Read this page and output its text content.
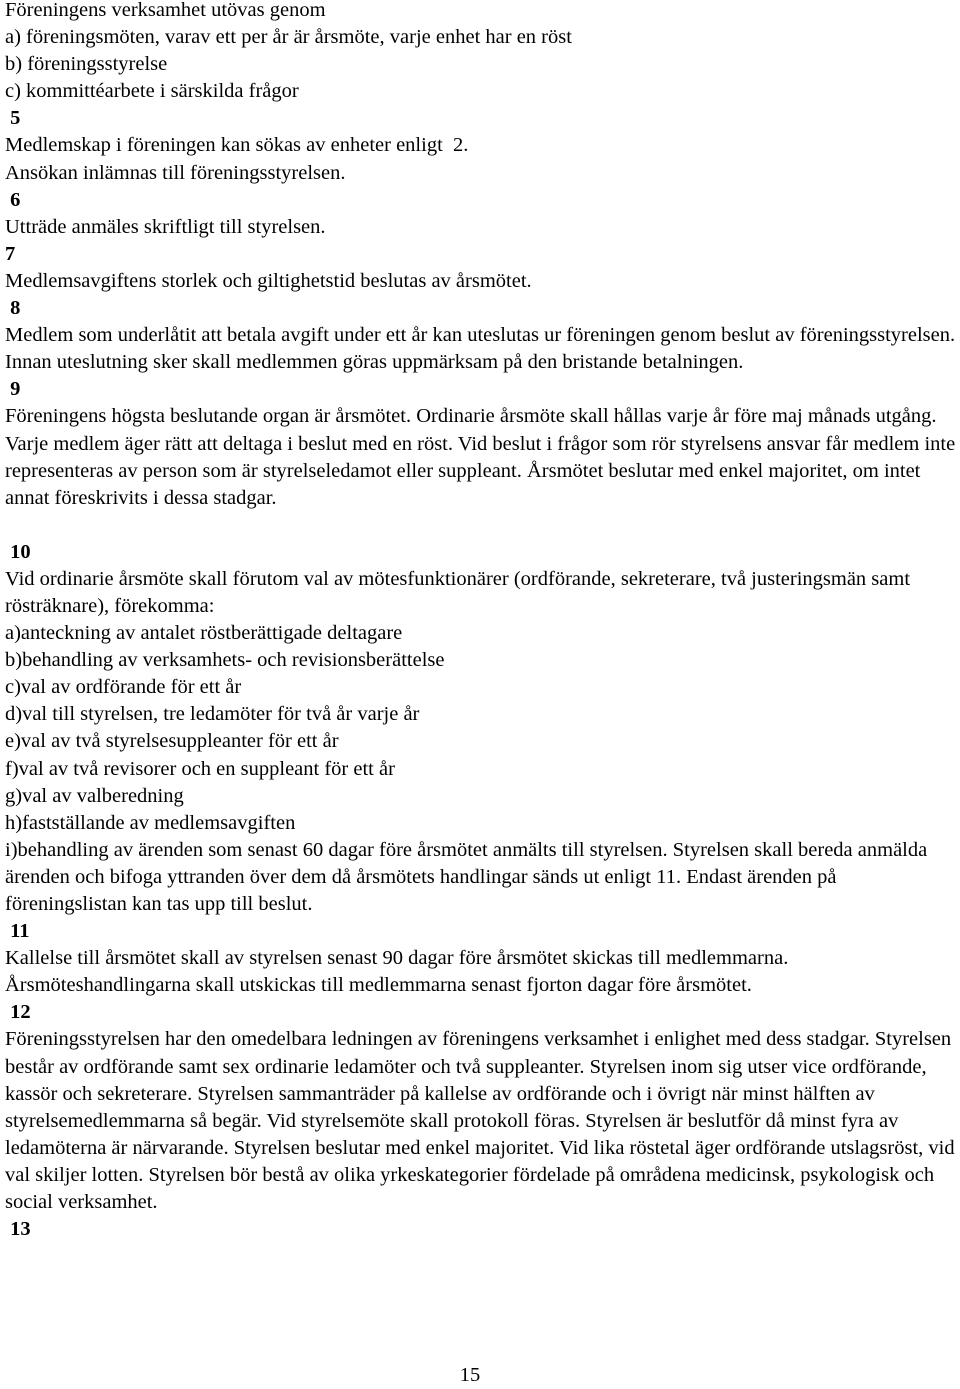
Föreningens verksamhet utövas genom
a) föreningsmöten, varav ett per år är årsmöte, varje enhet har en röst
b) föreningsstyrelse
c) kommittéarbete i särskilda frågor
5
Medlemskap i föreningen kan sökas av enheter enligt  2.
Ansökan inlämnas till föreningsstyrelsen.
6
Utträde anmäles skriftligt till styrelsen.
7
Medlemsavgiftens storlek och giltighetstid beslutas av årsmötet.
8
Medlem som underlåtit att betala avgift under ett år kan uteslutas ur föreningen genom beslut av föreningsstyrelsen. Innan uteslutning sker skall medlemmen göras uppmärksam på den bristande betalningen.
9
Föreningens högsta beslutande organ är årsmötet. Ordinarie årsmöte skall hållas varje år före maj månads utgång. Varje medlem äger rätt att deltaga i beslut med en röst. Vid beslut i frågor som rör styrelsens ansvar får medlem inte representeras av person som är styrelseledamot eller suppleant. Årsmötet beslutar med enkel majoritet, om intet annat föreskrivits i dessa stadgar.
10
Vid ordinarie årsmöte skall förutom val av mötesfunktionärer (ordförande, sekreterare, två justeringsmän samt rösträknare), förekomma:
a)anteckning av antalet röstberättigade deltagare
b)behandling av verksamhets- och revisionsberättelse
c)val av ordförande för ett år
d)val till styrelsen, tre ledamöter för två år varje år
e)val av två styrelsesuppleanter för ett år
f)val av två revisorer och en suppleant för ett år
g)val av valberedning
h)fastställande av medlemsavgiften
i)behandling av ärenden som senast 60 dagar före årsmötet anmälts till styrelsen. Styrelsen skall bereda anmälda ärenden och bifoga yttranden över dem då årsmötets handlingar sänds ut enligt 11. Endast ärenden på föreningslistan kan tas upp till beslut.
11
Kallelse till årsmötet skall av styrelsen senast 90 dagar före årsmötet skickas till medlemmarna.
Årsmöteshandlingarna skall utskickas till medlemmarna senast fjorton dagar före årsmötet.
12
Föreningsstyrelsen har den omedelbara ledningen av föreningens verksamhet i enlighet med dess stadgar. Styrelsen består av ordförande samt sex ordinarie ledamöter och två suppleanter. Styrelsen inom sig utser vice ordförande, kassör och sekreterare. Styrelsen sammanträder på kallelse av ordförande och i övrigt när minst hälften av styrelsemedlemmarna så begär. Vid styrelsemöte skall protokoll föras. Styrelsen är beslutför då minst fyra av ledamöterna är närvarande. Styrelsen beslutar med enkel majoritet. Vid lika röstetal äger ordförande utslagsröst, vid val skiljer lotten. Styrelsen bör bestå av olika yrkeskategorier fördelade på områdena medicinsk, psykologisk och social verksamhet.
13
15
